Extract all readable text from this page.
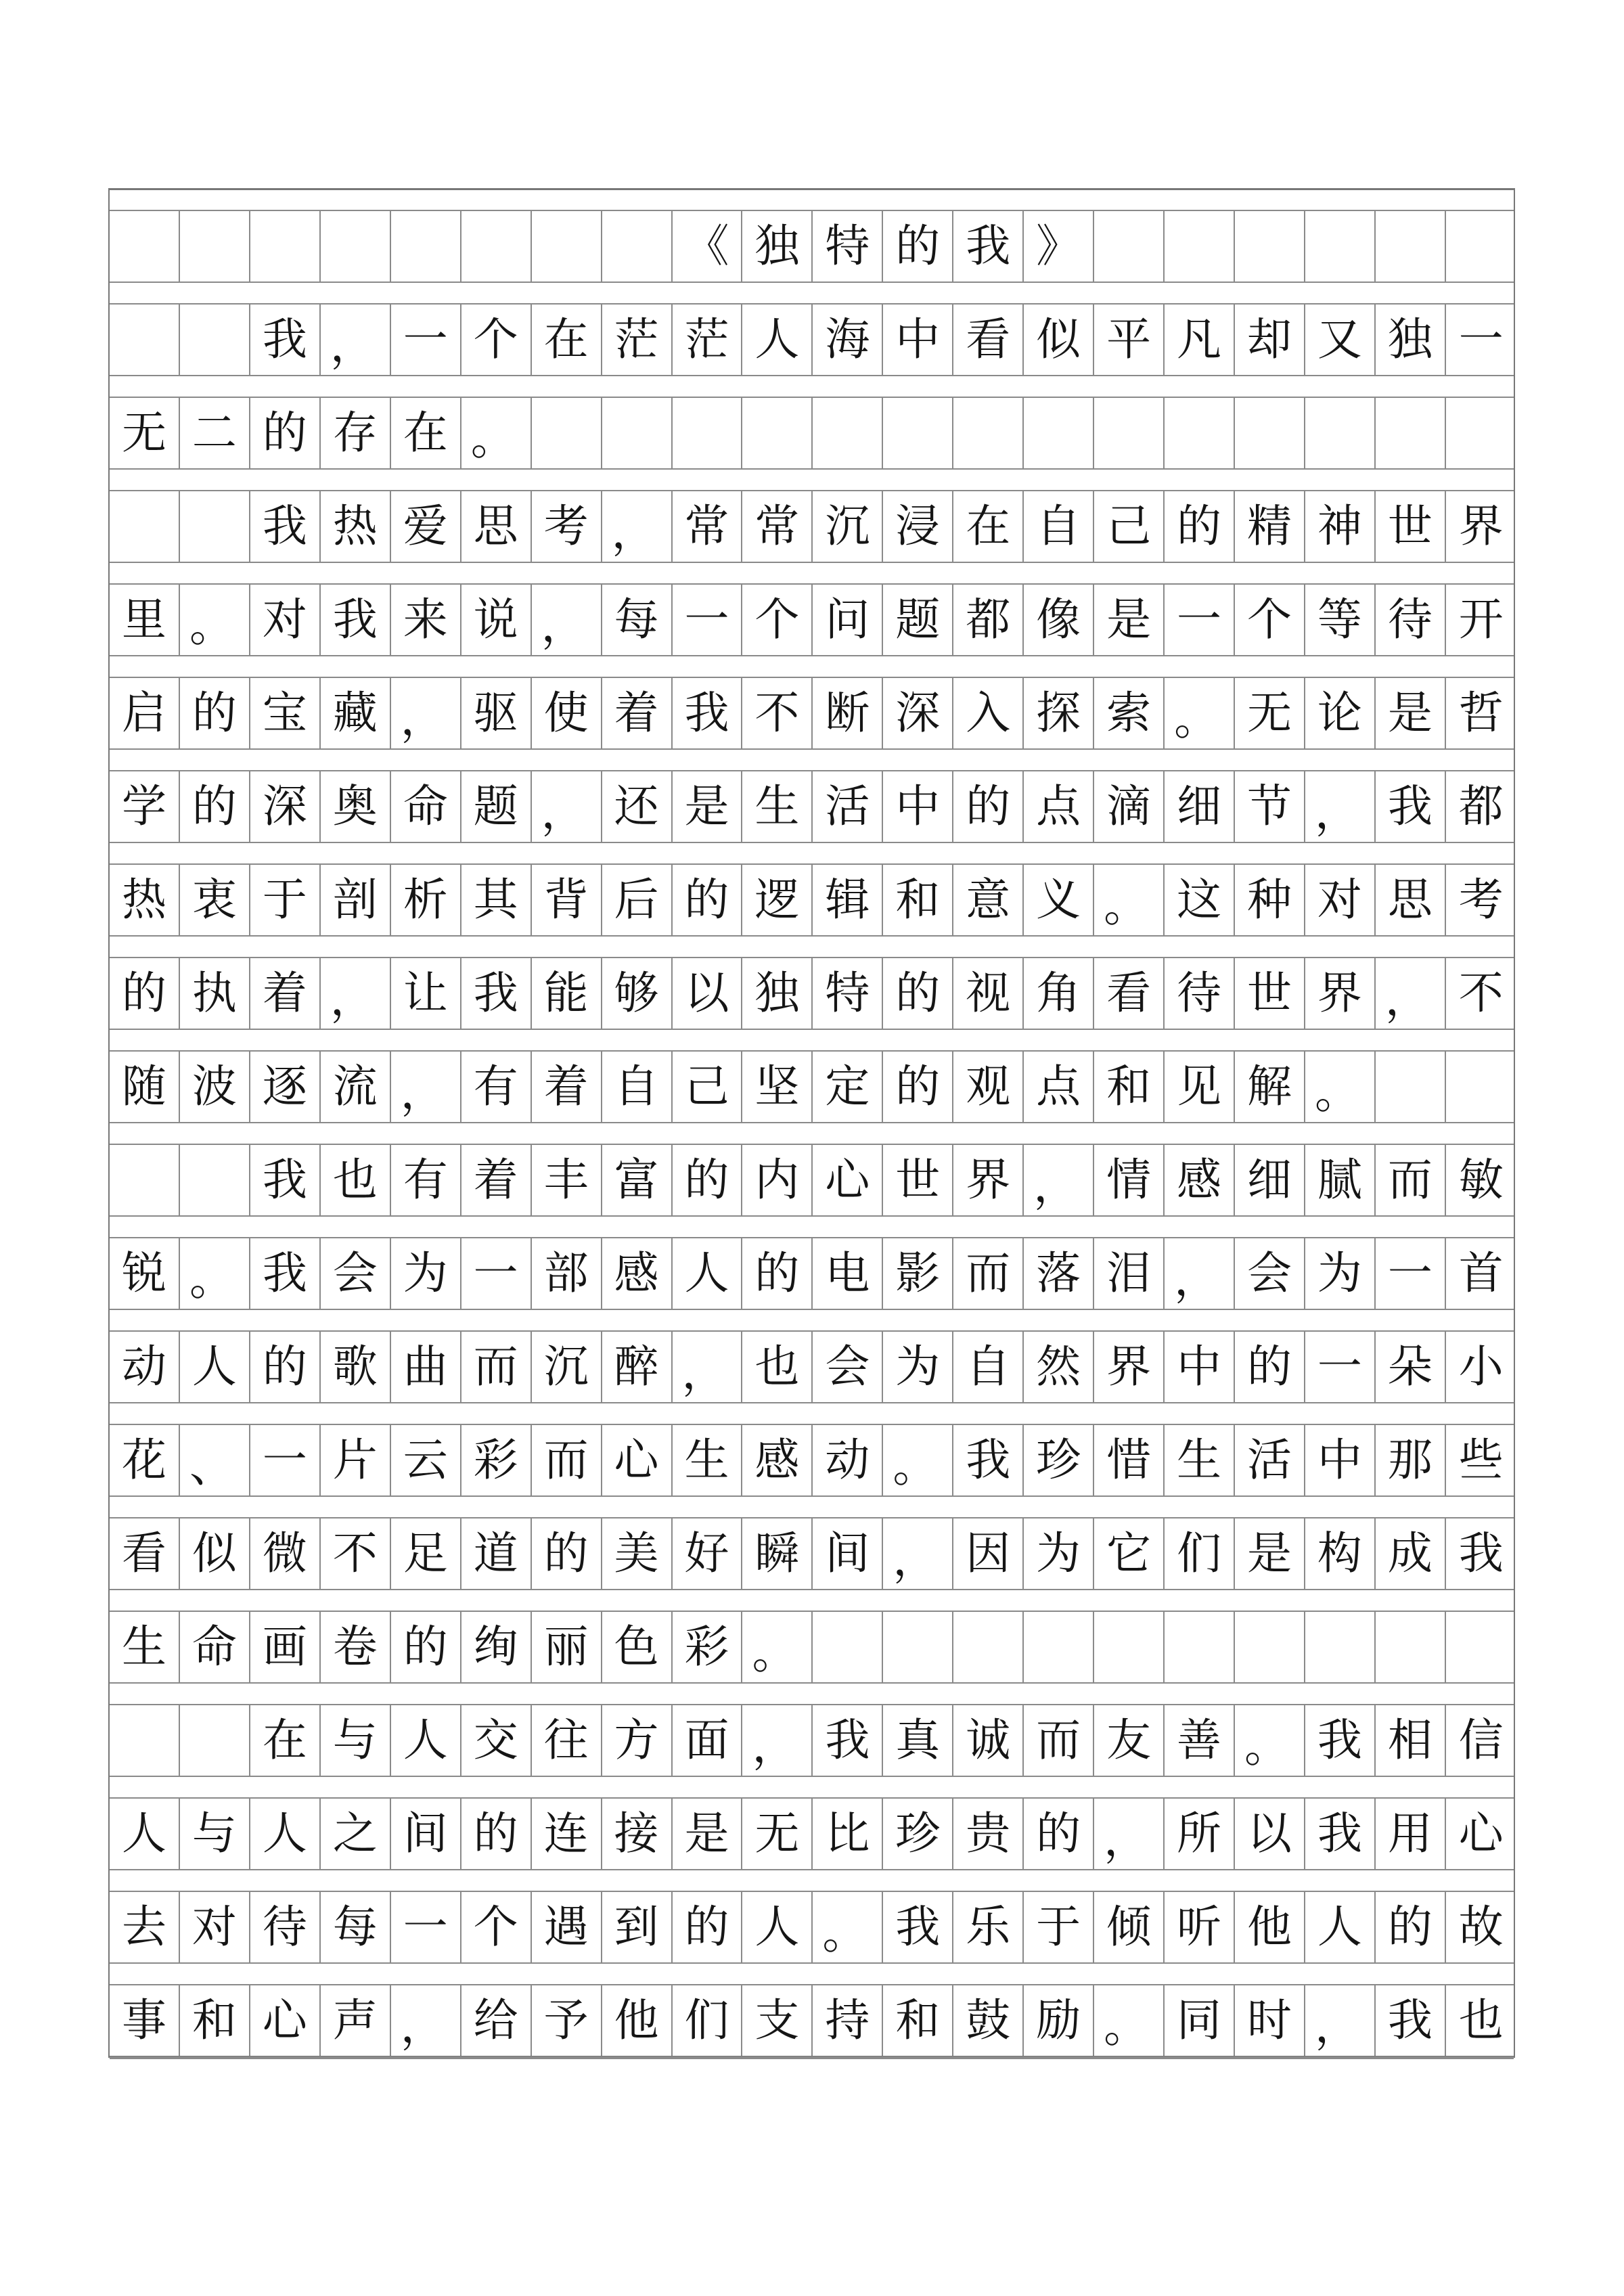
《 独 特 的 我 》
我 ， 一 个 在 茫 茫 人 海 中 看 似 平 凡 却 又 独 一
无 二 的 存 在 。
我 热 爱 思 考 ， 常 常 沉 浸 在 自 己 的 精 神 世 界
里 。 对 我 来 说 ， 每 一 个 问 题 都 像 是 一 个 等 待 开
启 的 宝 藏 ， 驱 使 着 我 不 断 深 入 探 索 。 无 论 是 哲
学 的 深 奥 命 题 ， 还 是 生 活 中 的 点 滴 细 节 ， 我 都
热 衷 于 剖 析 其 背 后 的 逻 辑 和 意 义 。 这 种 对 思 考
的 执 着 ， 让 我 能 够 以 独 特 的 视 角 看 待 世 界 ， 不
随 波 逐 流 ， 有 着 自 己 坚 定 的 观 点 和 见 解 。
我 也 有 着 丰 富 的 内 心 世 界 ， 情 感 细 腻 而 敏
锐 。 我 会 为 一 部 感 人 的 电 影 而 落 泪 ， 会 为 一 首
动 人 的 歌 曲 而 沉 醉 ， 也 会 为 自 然 界 中 的 一 朵 小
花 、 一 片 云 彩 而 心 生 感 动 。 我 珍 惜 生 活 中 那 些
看 似 微 不 足 道 的 美 好 瞬 间 ， 因 为 它 们 是 构 成 我
生 命 画 卷 的 绚 丽 色 彩 。
在 与 人 交 往 方 面 ， 我 真 诚 而 友 善 。 我 相 信
人 与 人 之 间 的 连 接 是 无 比 珍 贵 的 ， 所 以 我 用 心
去 对 待 每 一 个 遇 到 的 人 。 我 乐 于 倾 听 他 人 的 故
事 和 心 声 ， 给 予 他 们 支 持 和 鼓 励 。 同 时 ， 我 也
